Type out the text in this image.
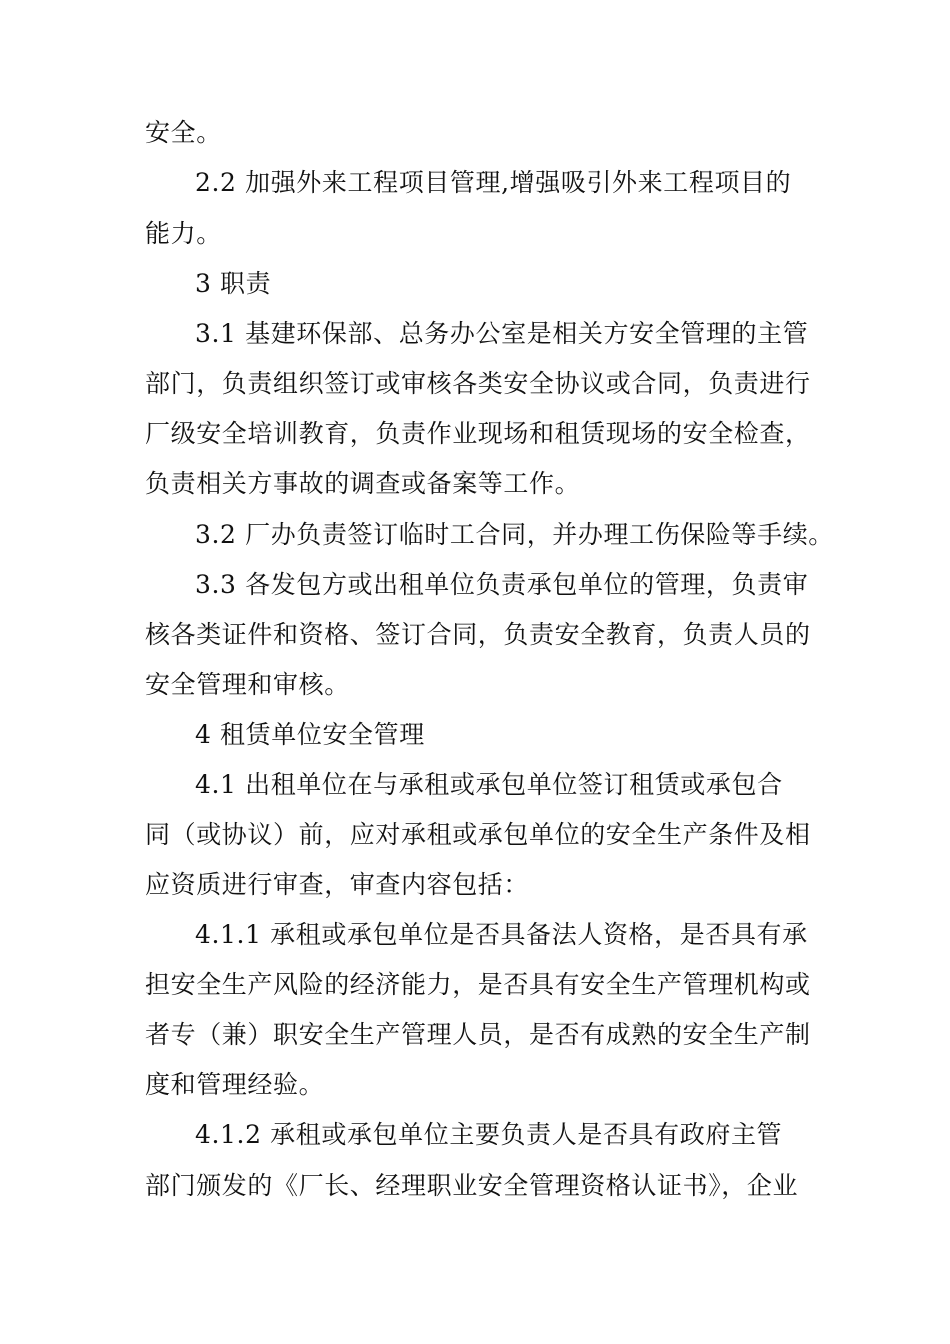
安全。
2.2 加强外来工程项目管理,增强吸引外来工程项目的
能力。
3 职责
3.1 基建环保部、总务办公室是相关方安全管理的主管
部门，负责组织签订或审核各类安全协议或合同，负责进行
厂级安全培训教育，负责作业现场和租赁现场的安全检查，
负责相关方事故的调查或备案等工作。
3.2 厂办负责签订临时工合同，并办理工伤保险等手续。
3.3 各发包方或出租单位负责承包单位的管理，负责审
核各类证件和资格、签订合同，负责安全教育，负责人员的
安全管理和审核。
4 租赁单位安全管理
4.1 出租单位在与承租或承包单位签订租赁或承包合
同（或协议）前，应对承租或承包单位的安全生产条件及相
应资质进行审查，审查内容包括：
4.1.1 承租或承包单位是否具备法人资格，是否具有承
担安全生产风险的经济能力，是否具有安全生产管理机构或
者专（兼）职安全生产管理人员，是否有成熟的安全生产制
度和管理经验。
4.1.2 承租或承包单位主要负责人是否具有政府主管
部门颁发的《厂长、经理职业安全管理资格认证书》，企业
